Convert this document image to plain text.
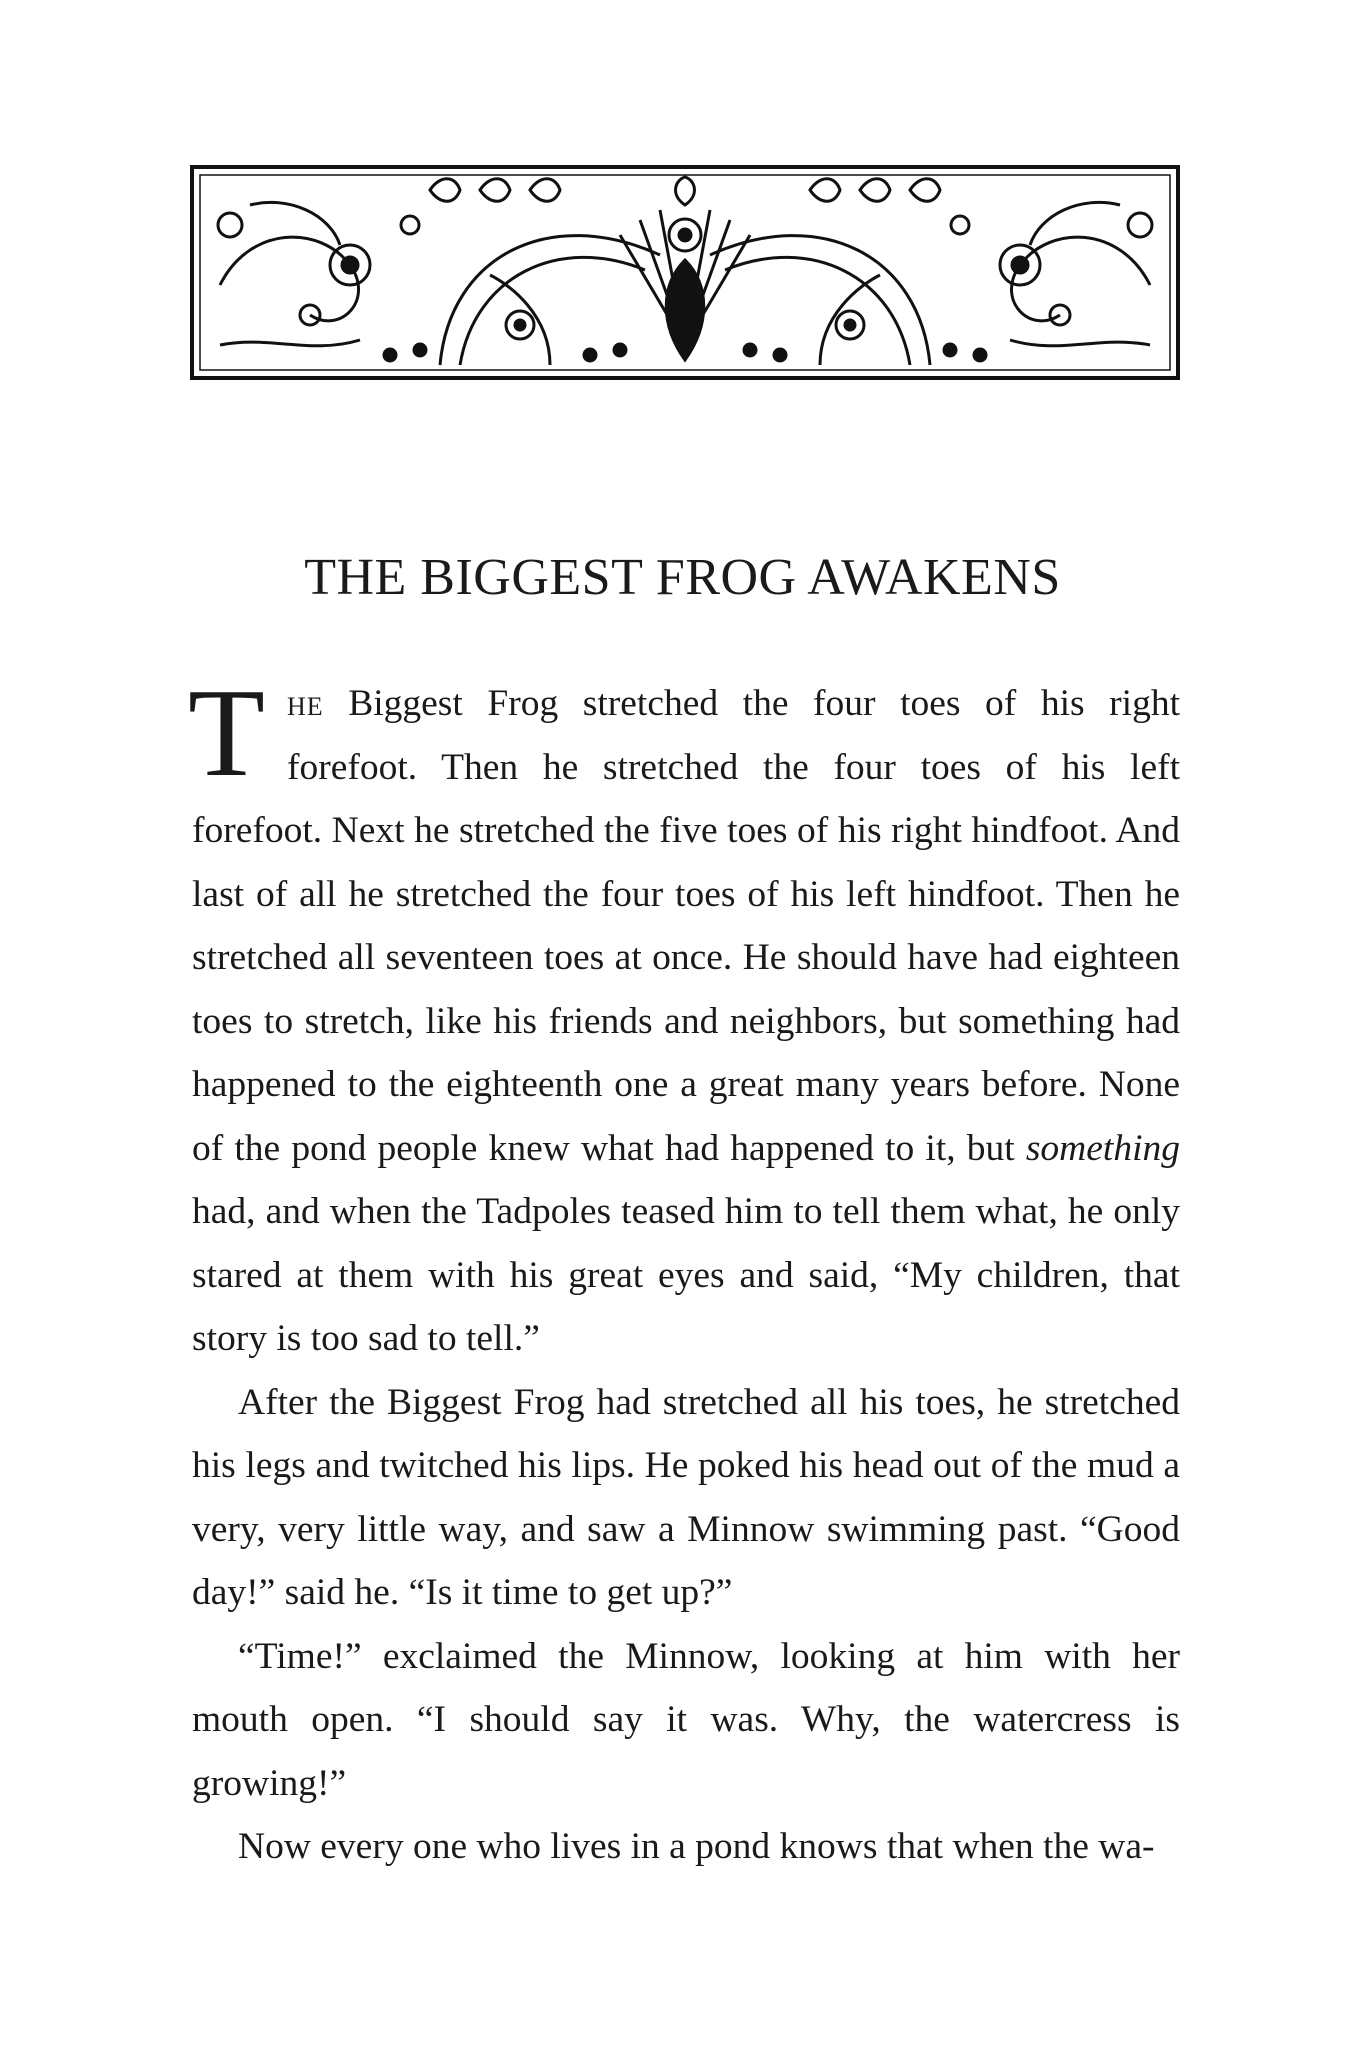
THE BIGGEST FROG AWAKENS

The Biggest Frog stretched the four toes of his right forefoot. Then he stretched the four toes of his left forefoot. Next he stretched the five toes of his right hindfoot. And last of all he stretched the four toes of his left hindfoot. Then he stretched all seventeen toes at once. He should have had eighteen toes to stretch, like his friends and neighbors, but something had happened to the eighteenth one a great many years before. None of the pond people knew what had happened to it, but something had, and when the Tadpoles teased him to tell them what, he only stared at them with his great eyes and said, “My children, that story is too sad to tell.”

After the Biggest Frog had stretched all his toes, he stretched his legs and twitched his lips. He poked his head out of the mud a very, very little way, and saw a Minnow swimming past. “Good day!” said he. “Is it time to get up?”

“Time!” exclaimed the Minnow, looking at him with her mouth open. “I should say it was. Why, the watercress is growing!”

Now every one who lives in a pond knows that when the wa-
